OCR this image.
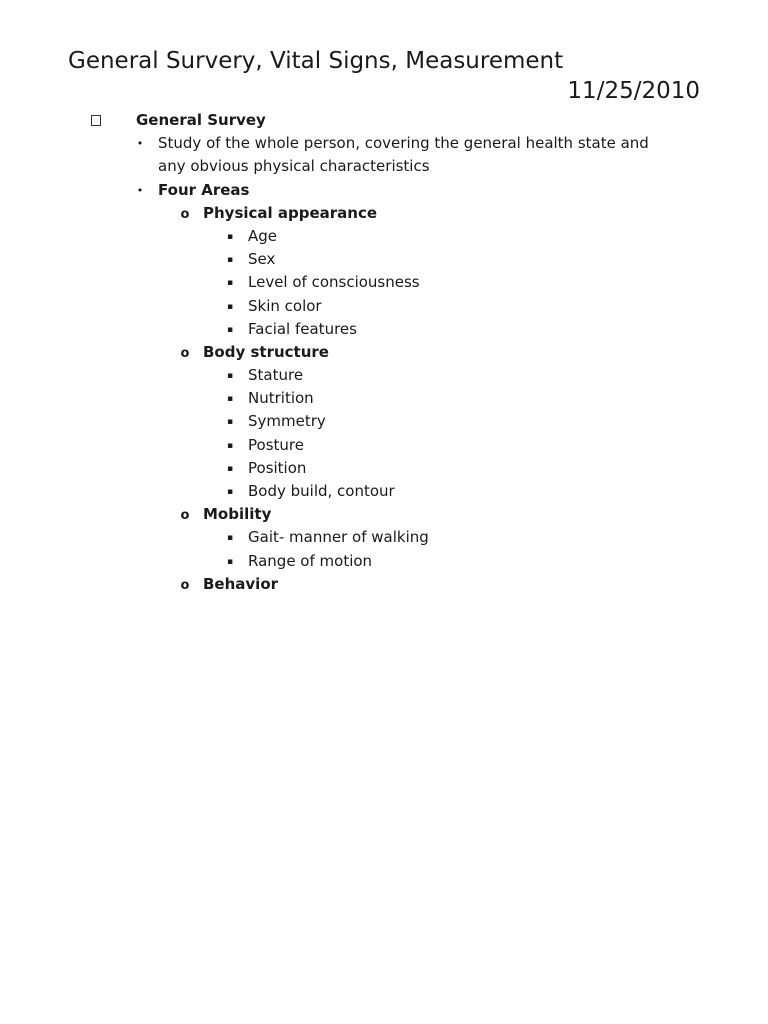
General Survery, Vital Signs, Measurement
11/25/2010
General Survey
• Study of the whole person, covering the general health state and any obvious physical characteristics
• Four Areas
o Physical appearance
▪ Age
▪ Sex
▪ Level of consciousness
▪ Skin color
▪ Facial features
o Body structure
▪ Stature
▪ Nutrition
▪ Symmetry
▪ Posture
▪ Position
▪ Body build, contour
o Mobility
▪ Gait- manner of walking
▪ Range of motion
o Behavior
